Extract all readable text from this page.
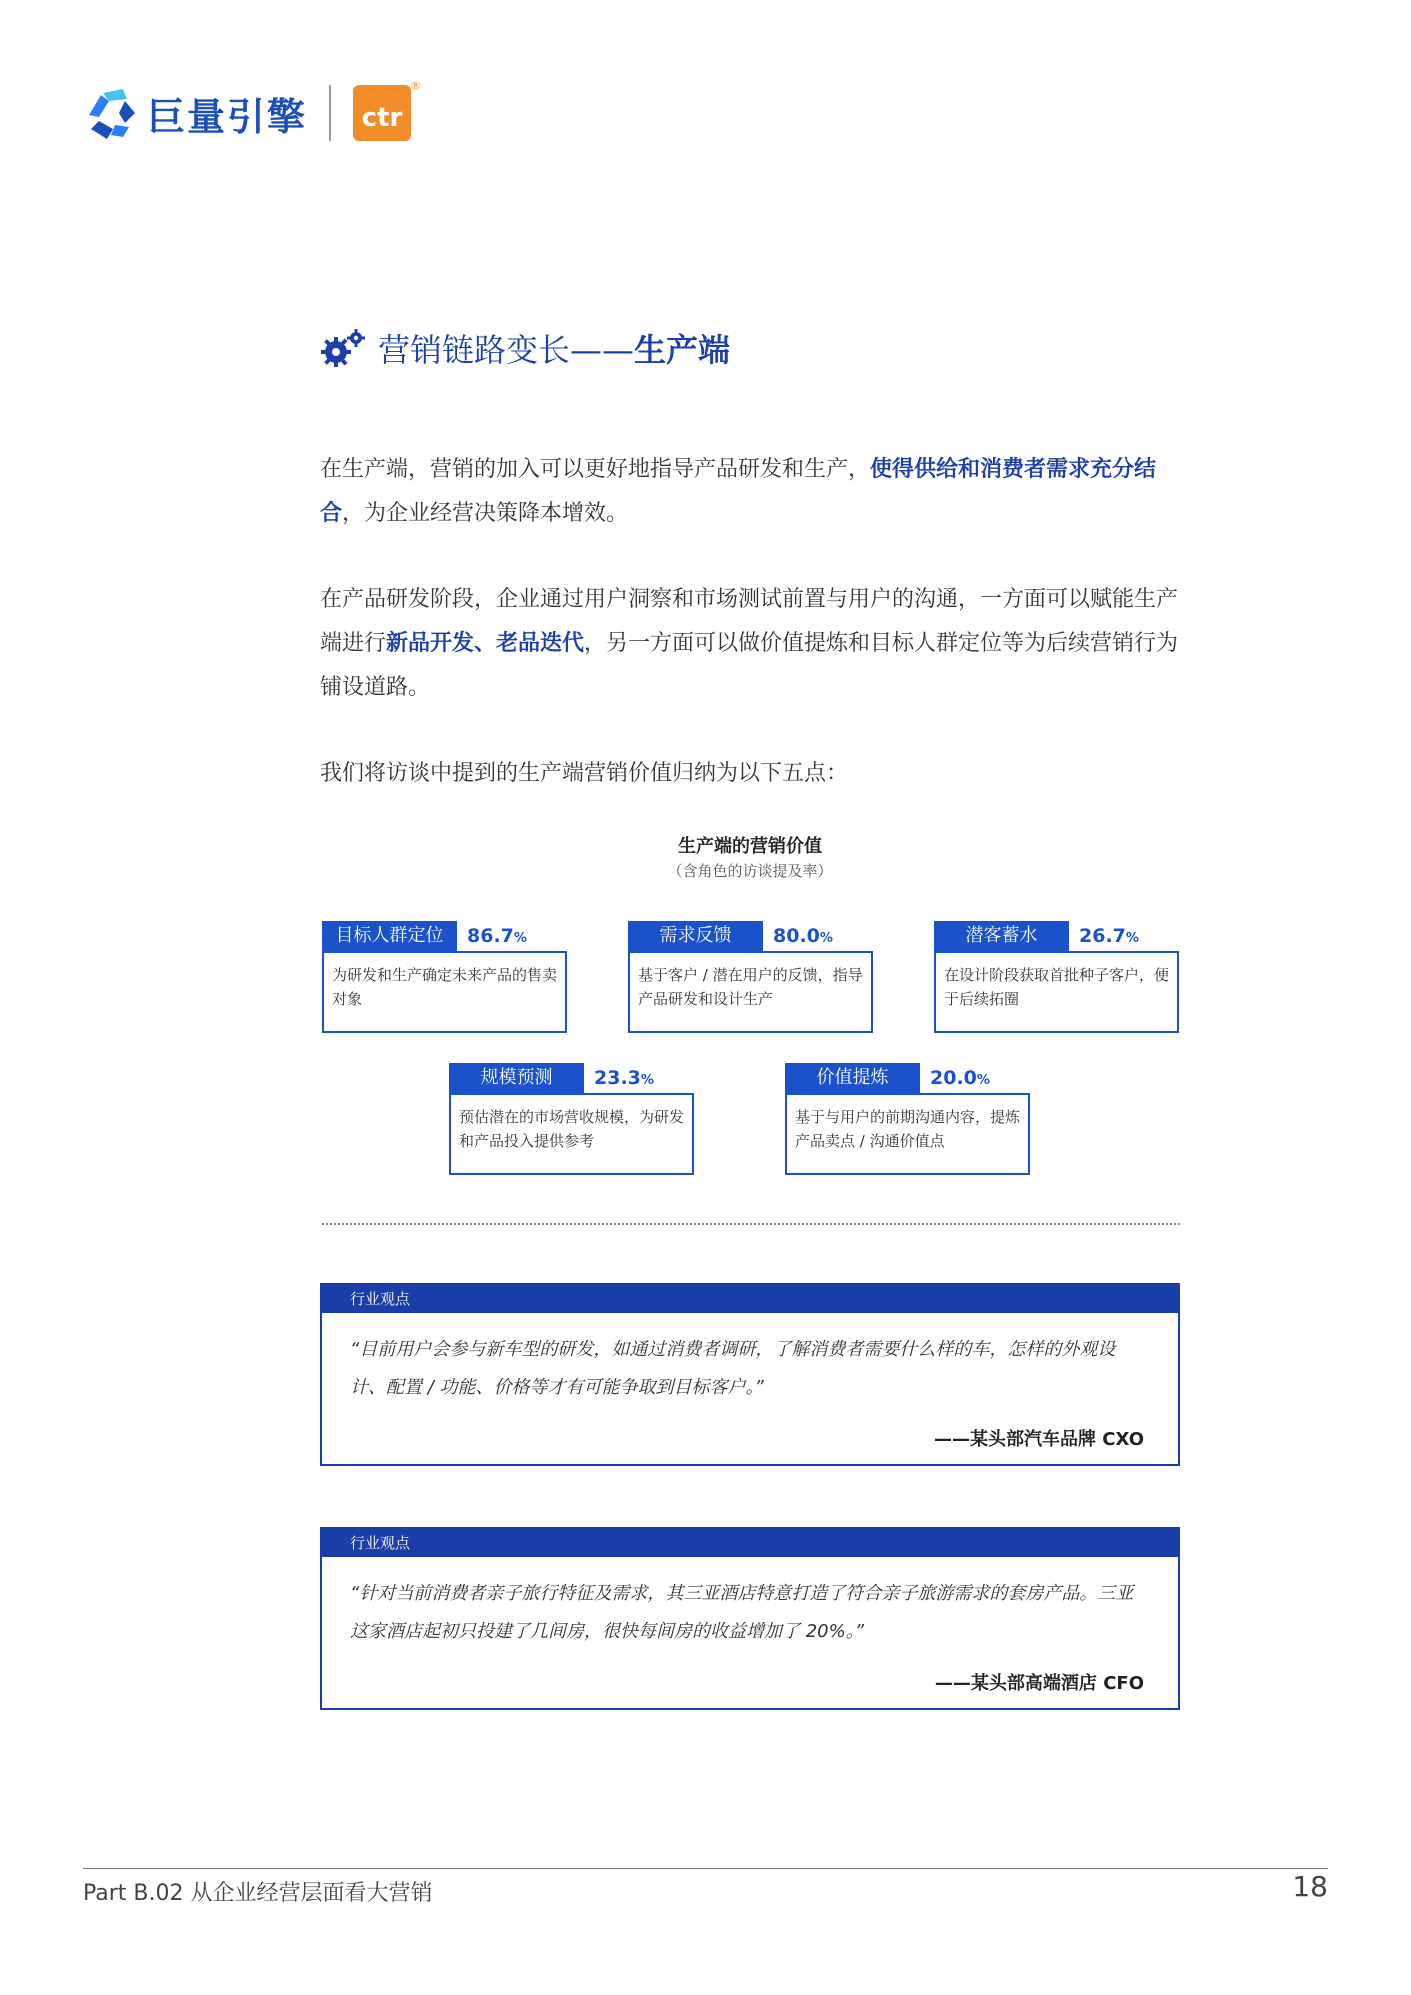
巨量引擎 ctr
®
营销链路变长—— 生产端

在生产端，营销的加入可以更好地指导产品研发和生产，使得供给和消费者需求充分结合，为企业经营决策降本增效。

在产品研发阶段，企业通过用户洞察和市场测试前置与用户的沟通，一方面可以赋能生产端进行新品开发、老品迭代，另一方面可以做价值提炼和目标人群定位等为后续营销行为铺设道路。

我们将访谈中提到的生产端营销价值归纳为以下五点：

生产端的营销价值
（含角色的访谈提及率）
目标人群定位	86.7%
为研发和生产确定未来产品的售卖对象
需求反馈	80.0%
基于客户 / 潜在用户的反馈，指导产品研发和设计生产
潜客蓄水	26.7%
在设计阶段获取首批种子客户，便于后续拓圈
规模预测	23.3%
预估潜在的市场营收规模，为研发和产品投入提供参考
价值提炼	20.0%
基于与用户的前期沟通内容，提炼产品卖点 / 沟通价值点
行业观点
“目前用户会参与新车型的研发，如通过消费者调研，了解消费者需要什么样的车，怎样的外观设计、配置 / 功能、价格等才有可能争取到目标客户。”
——某头部汽车品牌 CXO
行业观点
“针对当前消费者亲子旅行特征及需求，其三亚酒店特意打造了符合亲子旅游需求的套房产品。三亚这家酒店起初只投建了几间房，很快每间房的收益增加了 20%。”
——某头部高端酒店 CFO
Part B.02 从企业经营层面看大营销	18
